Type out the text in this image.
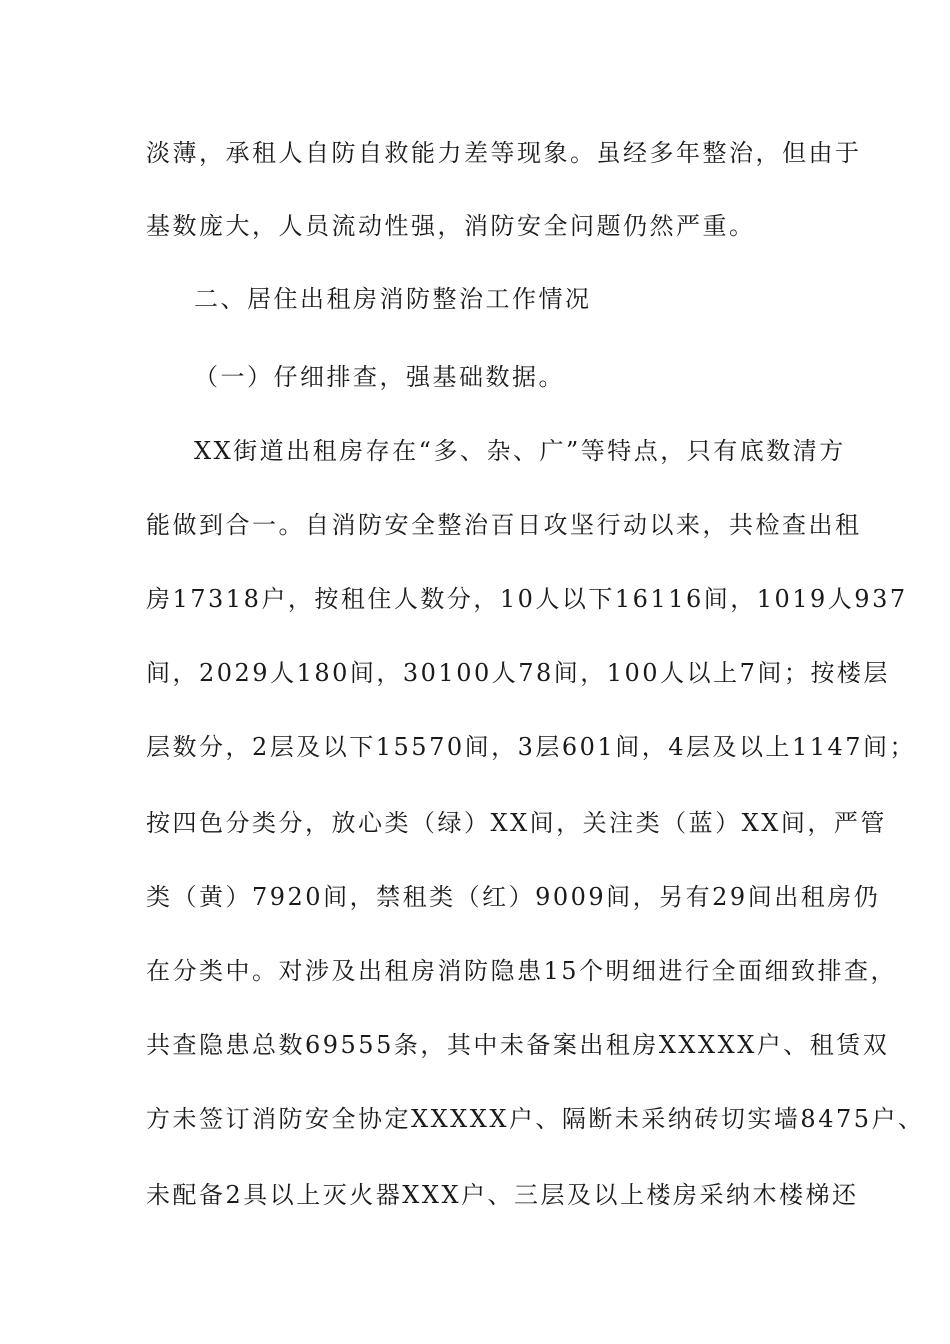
淡薄，承租人自防自救能力差等现象。虽经多年整治，但由于
基数庞大，人员流动性强，消防安全问题仍然严重。
二、居住出租房消防整治工作情况
（一）仔细排查，强基础数据。
XX街道出租房存在“多、杂、广”等特点，只有底数清方
能做到合一。自消防安全整治百日攻坚行动以来，共检查出租
房17318户，按租住人数分，10人以下16116间，1019人937
间，2029人180间，30100人78间，100人以上7间；按楼层
层数分，2层及以下15570间，3层601间，4层及以上1147间；
按四色分类分，放心类（绿）XX间，关注类（蓝）XX间，严管
类（黄）7920间，禁租类（红）9009间，另有29间出租房仍
在分类中。对涉及出租房消防隐患15个明细进行全面细致排查，
共查隐患总数69555条，其中未备案出租房XXXXX户、租赁双
方未签订消防安全协定XXXXX户、隔断未采纳砖切实墙8475户、
未配备2具以上灭火器XXX户、三层及以上楼房采纳木楼梯还
